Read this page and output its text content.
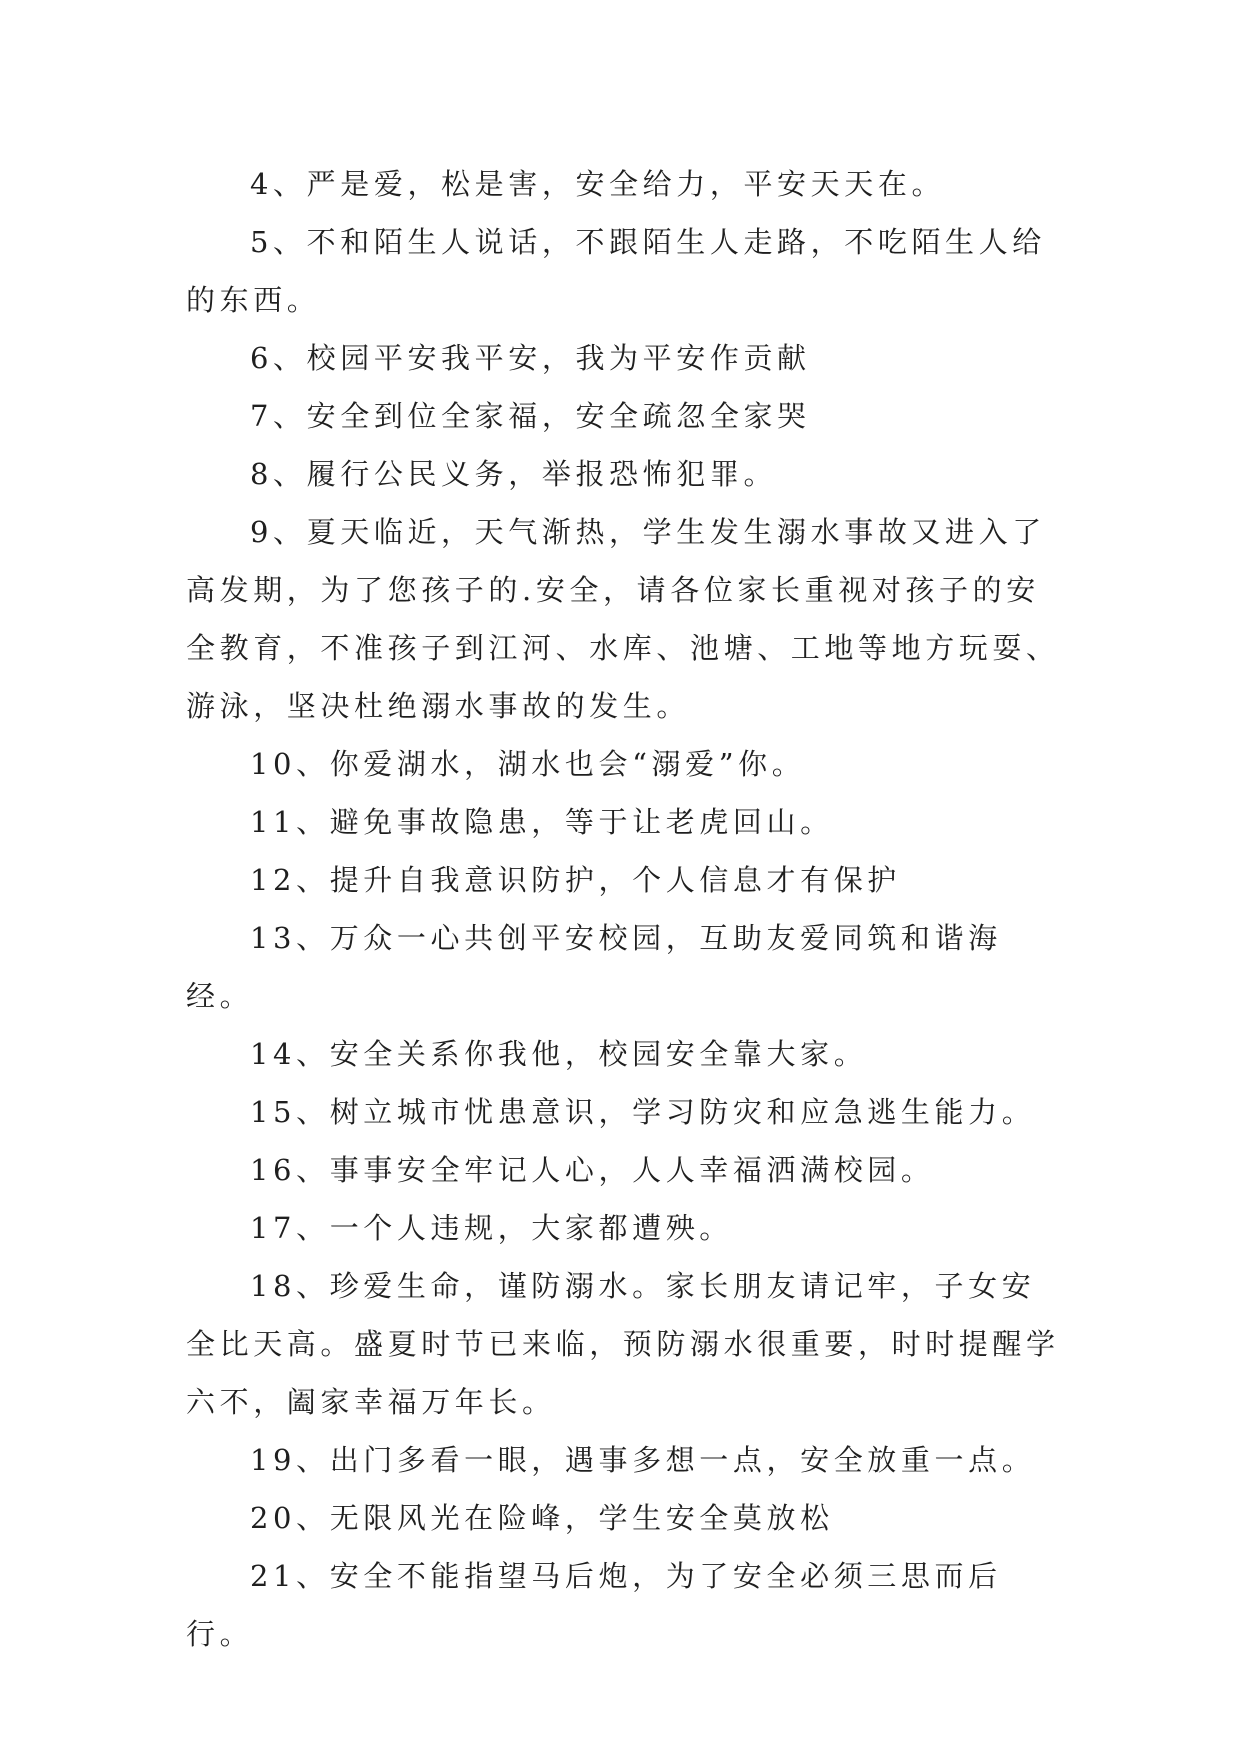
4、严是爱，松是害，安全给力，平安天天在。

5、不和陌生人说话，不跟陌生人走路，不吃陌生人给的东西。

6、校园平安我平安，我为平安作贡献

7、安全到位全家福，安全疏忽全家哭

8、履行公民义务，举报恐怖犯罪。

9、夏天临近，天气渐热，学生发生溺水事故又进入了高发期，为了您孩子的.安全，请各位家长重视对孩子的安全教育，不准孩子到江河、水库、池塘、工地等地方玩耍、游泳，坚决杜绝溺水事故的发生。

10、你爱湖水，湖水也会“溺爱”你。

11、避免事故隐患，等于让老虎回山。

12、提升自我意识防护，个人信息才有保护

13、万众一心共创平安校园，互助友爱同筑和谐海经。

14、安全关系你我他，校园安全靠大家。

15、树立城市忧患意识，学习防灾和应急逃生能力。

16、事事安全牢记人心，人人幸福洒满校园。

17、一个人违规，大家都遭殃。

18、珍爱生命，谨防溺水。家长朋友请记牢，子女安全比天高。盛夏时节已来临，预防溺水很重要，时时提醒学六不，阖家幸福万年长。

19、出门多看一眼，遇事多想一点，安全放重一点。

20、无限风光在险峰，学生安全莫放松

21、安全不能指望马后炮，为了安全必须三思而后行。
